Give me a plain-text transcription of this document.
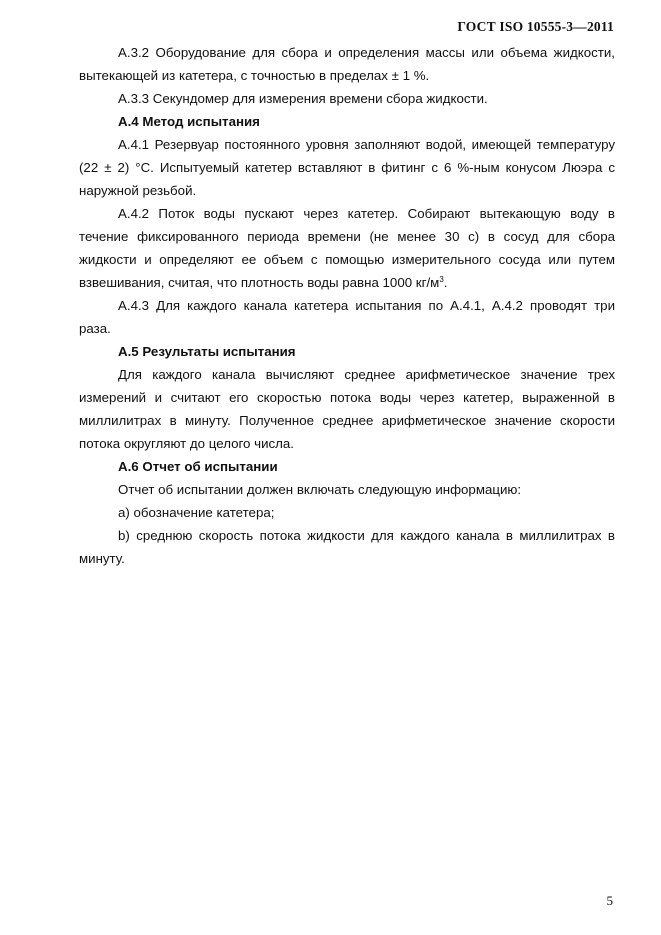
ГОСТ ISO 10555-3—2011

А.3.2 Оборудование для сбора и определения массы или объема жидкости, вытекающей из катетера, с точностью в пределах ± 1 %.

А.3.3 Секундомер для измерения времени сбора жидкости.

А.4 Метод испытания

А.4.1 Резервуар постоянного уровня заполняют водой, имеющей температуру (22 ± 2) °С. Испытуемый катетер вставляют в фитинг с 6 %-ным конусом Люэра с наружной резьбой.

А.4.2 Поток воды пускают через катетер. Собирают вытекающую воду в течение фиксированного периода времени (не менее 30 с) в сосуд для сбора жидкости и определяют ее объем с помощью измерительного сосуда или путем взвешивания, считая, что плотность воды равна 1000 $кг/м^3$.

А.4.3 Для каждого канала катетера испытания по А.4.1, А.4.2 проводят три раза.

А.5 Результаты испытания

Для каждого канала вычисляют среднее арифметическое значение трех измерений и считают его скоростью потока воды через катетер, выраженной в миллилитрах в минуту. Полученное среднее арифметическое значение скорости потока округляют до целого числа.

А.6 Отчет об испытании

Отчет об испытании должен включать следующую информацию:

а) обозначение катетера;

b) среднюю скорость потока жидкости для каждого канала в миллилитрах в минуту.

5
